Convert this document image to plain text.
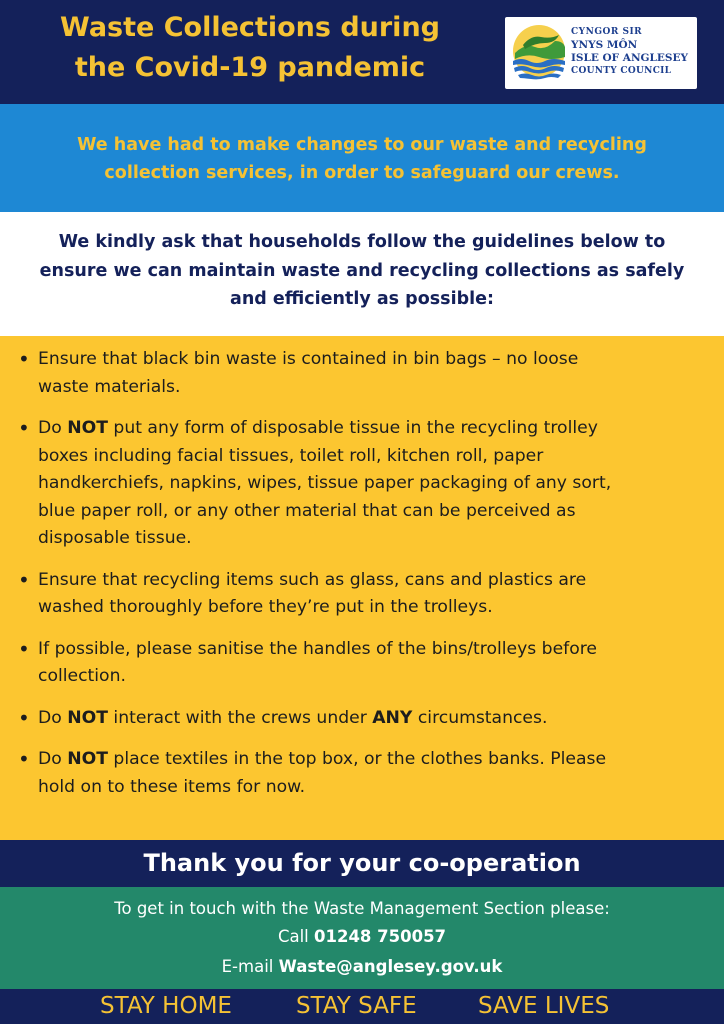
Waste Collections during
the Covid-19 pandemic
CYNGOR SIR
YNYS MÔN
ISLE OF ANGLESEY
COUNTY COUNCIL
We have had to make changes to our waste and recycling
collection services, in order to safeguard our crews.
We kindly ask that households follow the guidelines below to
ensure we can maintain waste and recycling collections as safely
and efficiently as possible:
• Ensure that black bin waste is contained in bin bags – no loose
waste materials.
• Do NOT put any form of disposable tissue in the recycling trolley
boxes including facial tissues, toilet roll, kitchen roll, paper
handkerchiefs, napkins, wipes, tissue paper packaging of any sort,
blue paper roll, or any other material that can be perceived as
disposable tissue.
• Ensure that recycling items such as glass, cans and plastics are
washed thoroughly before they’re put in the trolleys.
• If possible, please sanitise the handles of the bins/trolleys before
collection.
• Do NOT interact with the crews under ANY circumstances.
• Do NOT place textiles in the top box, or the clothes banks. Please
hold on to these items for now.
Thank you for your co-operation
To get in touch with the Waste Management Section please:
Call 01248 750057
E-mail Waste@anglesey.gov.uk
STAY HOME	STAY SAFE	SAVE LIVES
